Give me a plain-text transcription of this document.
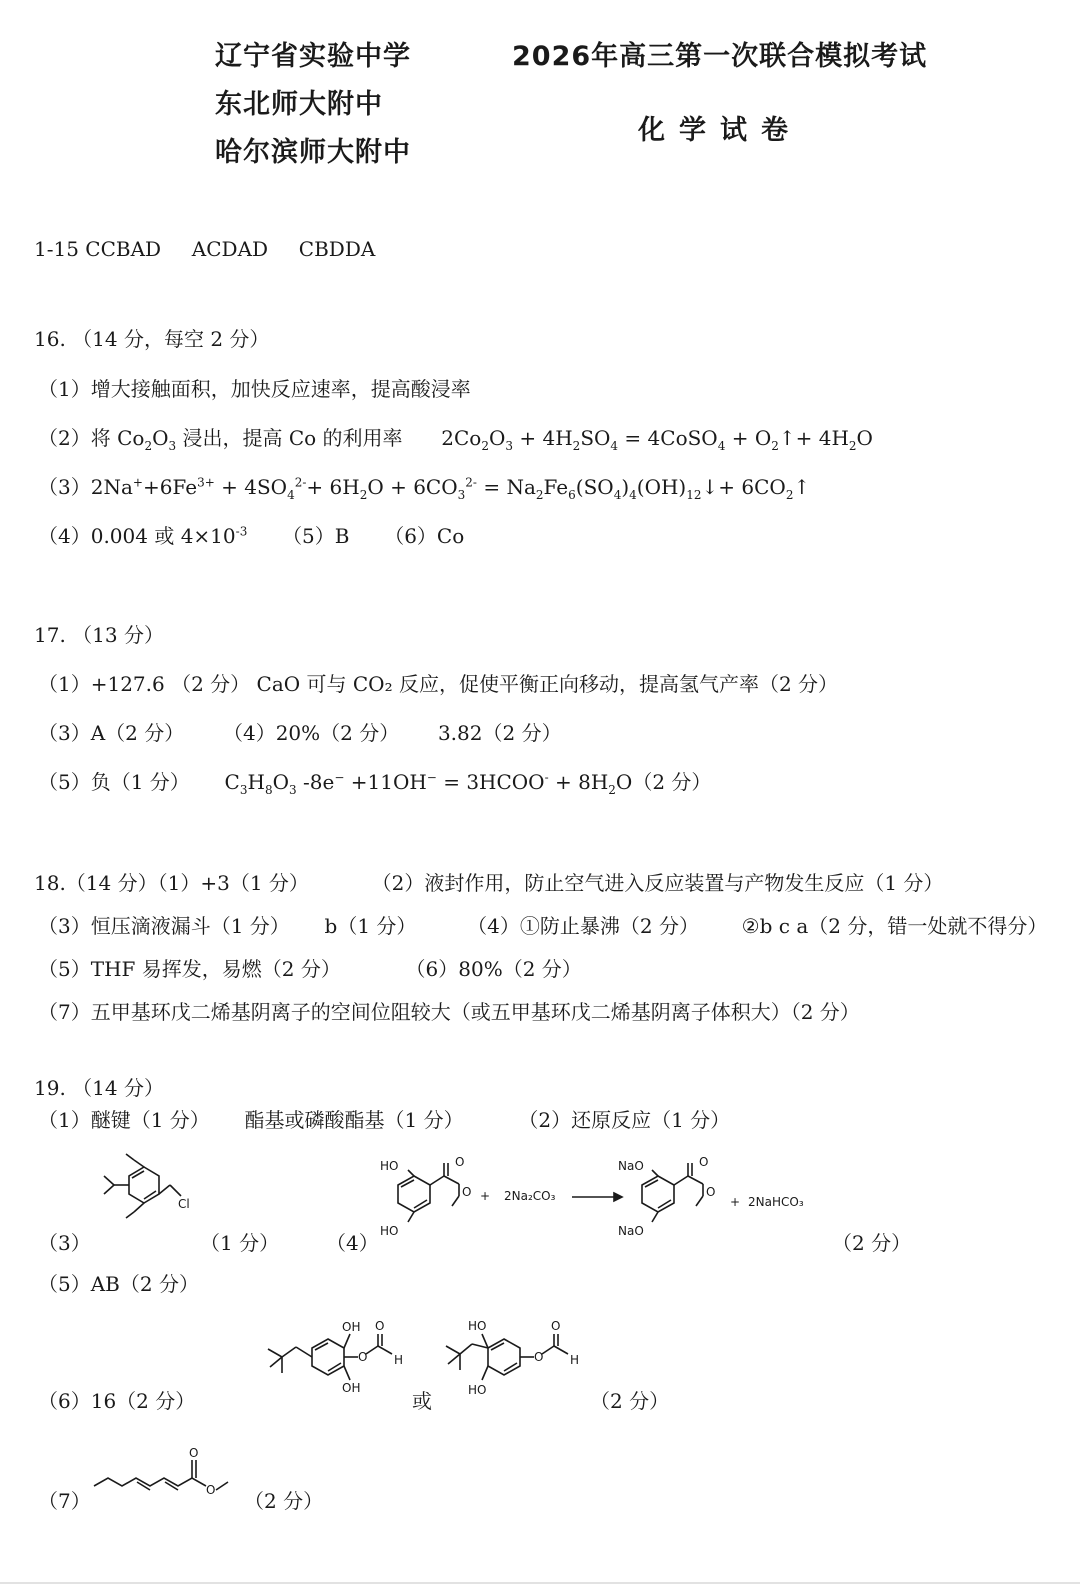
辽宁省实验中学
东北师大附中
哈尔滨师大附中
2026年高三第一次联合模拟考试
化学试卷
1-15 CCBAD ACDAD CBDDA
16. （14 分，每空 2 分）
（1）增大接触面积，加快反应速率，提高酸浸率
（2）将 $Co_2O_3$ 浸出，提高 Co 的利用率 $2Co_2O_3 + 4H_2SO_4$ = 4CoSO$_4$ + $O_2↑+ 4H_2O$
$(3)2Na^++6Fe^{3+} + 4SO_4^{2-}+ 6H_2O + 6CO_3^{2-}$ = $Na_2Fe_6(SO_4)_4(OH)_{12}↓+$ $6CO_2↑$
（4）0.004 或 $4\times 10^{-3}$ （5）B （6）Co
17. （13 分）
（1）+127.6 （2 分） CaO 可与 CO₂ 反应，促使平衡正向移动，提高氢气产率（2 分）
（3）A（2 分） （4）20%（2 分） 3.82（2 分）
（5）负（1 分） $C_3H_8O_3$ -8e− +11OH− = 3HCOO- + $8H_2O(2$ 分）
18.（14 分）（1）+3（1 分）	（2）液封作用，防止空气进入反应装置与产物发生反应（1 分）
（3）恒压滴液漏斗（1 分） b（1 分）	（4）①防止暴沸（2 分） ②b c a（2 分，错一处就不得分）
（5）THF 易挥发，易燃（2 分）	（6）80%（2 分）
（7）五甲基环戊二烯基阴离子的空间位阻较大（或五甲基环戊二烯基阴离子体积大）（2 分）
19. （14 分）
（1）醚键（1 分） 酯基或磷酸酯基（1 分）	（2）还原反应（1 分）
（3）
Cl
（1 分） （4）
HO
HO
O
O + 2Na₂CO₃
NaO
NaO
O
O
+ 2NaHCO₃
（2 分）
（5）AB（2 分）
（6）16（2 分）
OH
OH
O
O
H
或
HO
HO
O
O
H
（2 分）
（7）
O
O （2 分）
